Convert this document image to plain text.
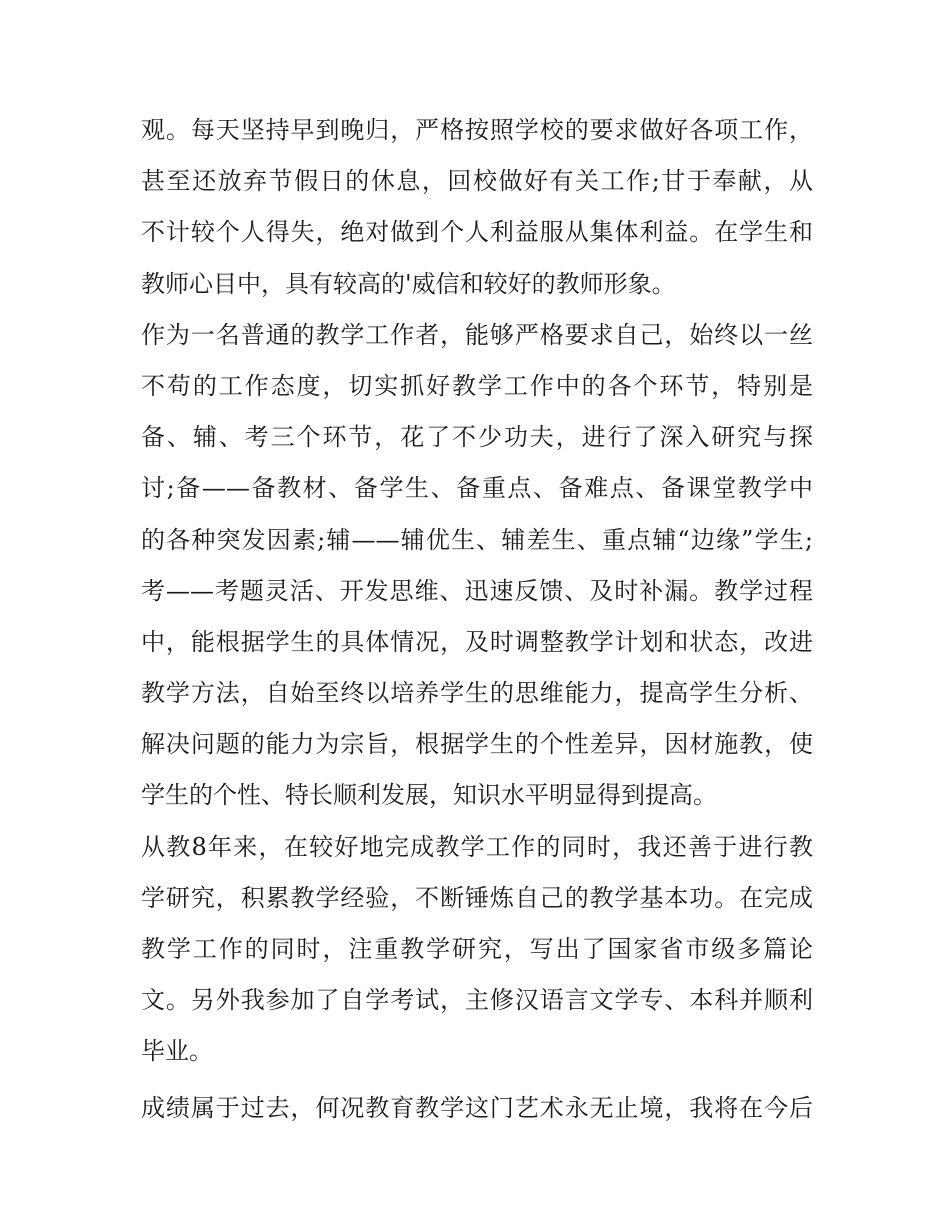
观。每天坚持早到晚归，严格按照学校的要求做好各项工作，
甚至还放弃节假日的休息，回校做好有关工作;甘于奉献，从
不计较个人得失，绝对做到个人利益服从集体利益。在学生和
教师心目中，具有较高的'威信和较好的教师形象。
作为一名普通的教学工作者，能够严格要求自己，始终以一丝
不苟的工作态度，切实抓好教学工作中的各个环节，特别是
备、辅、考三个环节，花了不少功夫，进行了深入研究与探
讨;备——备教材、备学生、备重点、备难点、备课堂教学中
的各种突发因素;辅——辅优生、辅差生、重点辅“边缘”学生;
考——考题灵活、开发思维、迅速反馈、及时补漏。教学过程
中，能根据学生的具体情况，及时调整教学计划和状态，改进
教学方法，自始至终以培养学生的思维能力，提高学生分析、
解决问题的能力为宗旨，根据学生的个性差异，因材施教，使
学生的个性、特长顺利发展，知识水平明显得到提高。
从教8年来，在较好地完成教学工作的同时，我还善于进行教
学研究，积累教学经验，不断锤炼自己的教学基本功。在完成
教学工作的同时，注重教学研究，写出了国家省市级多篇论
文。另外我参加了自学考试，主修汉语言文学专、本科并顺利
毕业。
成绩属于过去，何况教育教学这门艺术永无止境，我将在今后
